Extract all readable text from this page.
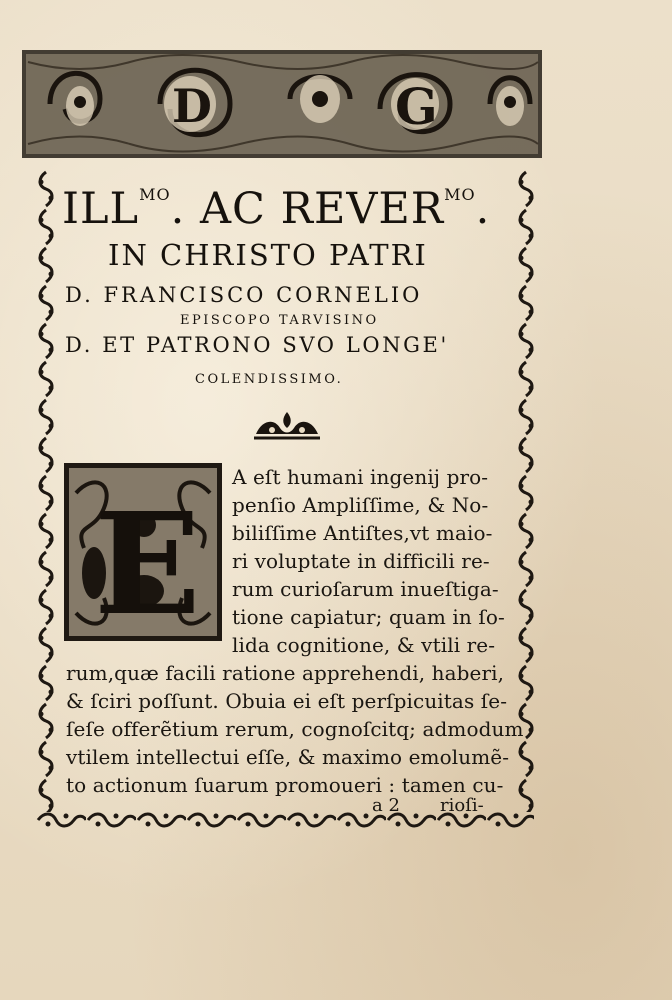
D	G
$ILL^{MO}$. AC $REVER^{MO}$.
IN CHRISTO PATRI
D. FRANCISCO CORNELIO
EPISCOPO TARVISINO
D. ET PATRONO SVO LONGE'
COLENDISSIMO.
E
A eſt humani ingenij pro-
penſio Ampliſſime, & No-
biliſſime Antiſtes,vt maio-
ri voluptate in difficili re-
rum curioſarum inueſtiga-
tione capiatur; quam in ſo-
lida cognitione, & vtili re-
rum,quæ facili ratione apprehendi, haberi,
& ſciri poſſunt. Obuia ei eſt perſpicuitas ſe-
ſeſe offerẽtium rerum, cognoſcitq; admodum
vtilem intellectui eſſe, & maximo emolumẽ-
to actionum ſuarum promoueri : tamen cu-
a 2 rioſi-
